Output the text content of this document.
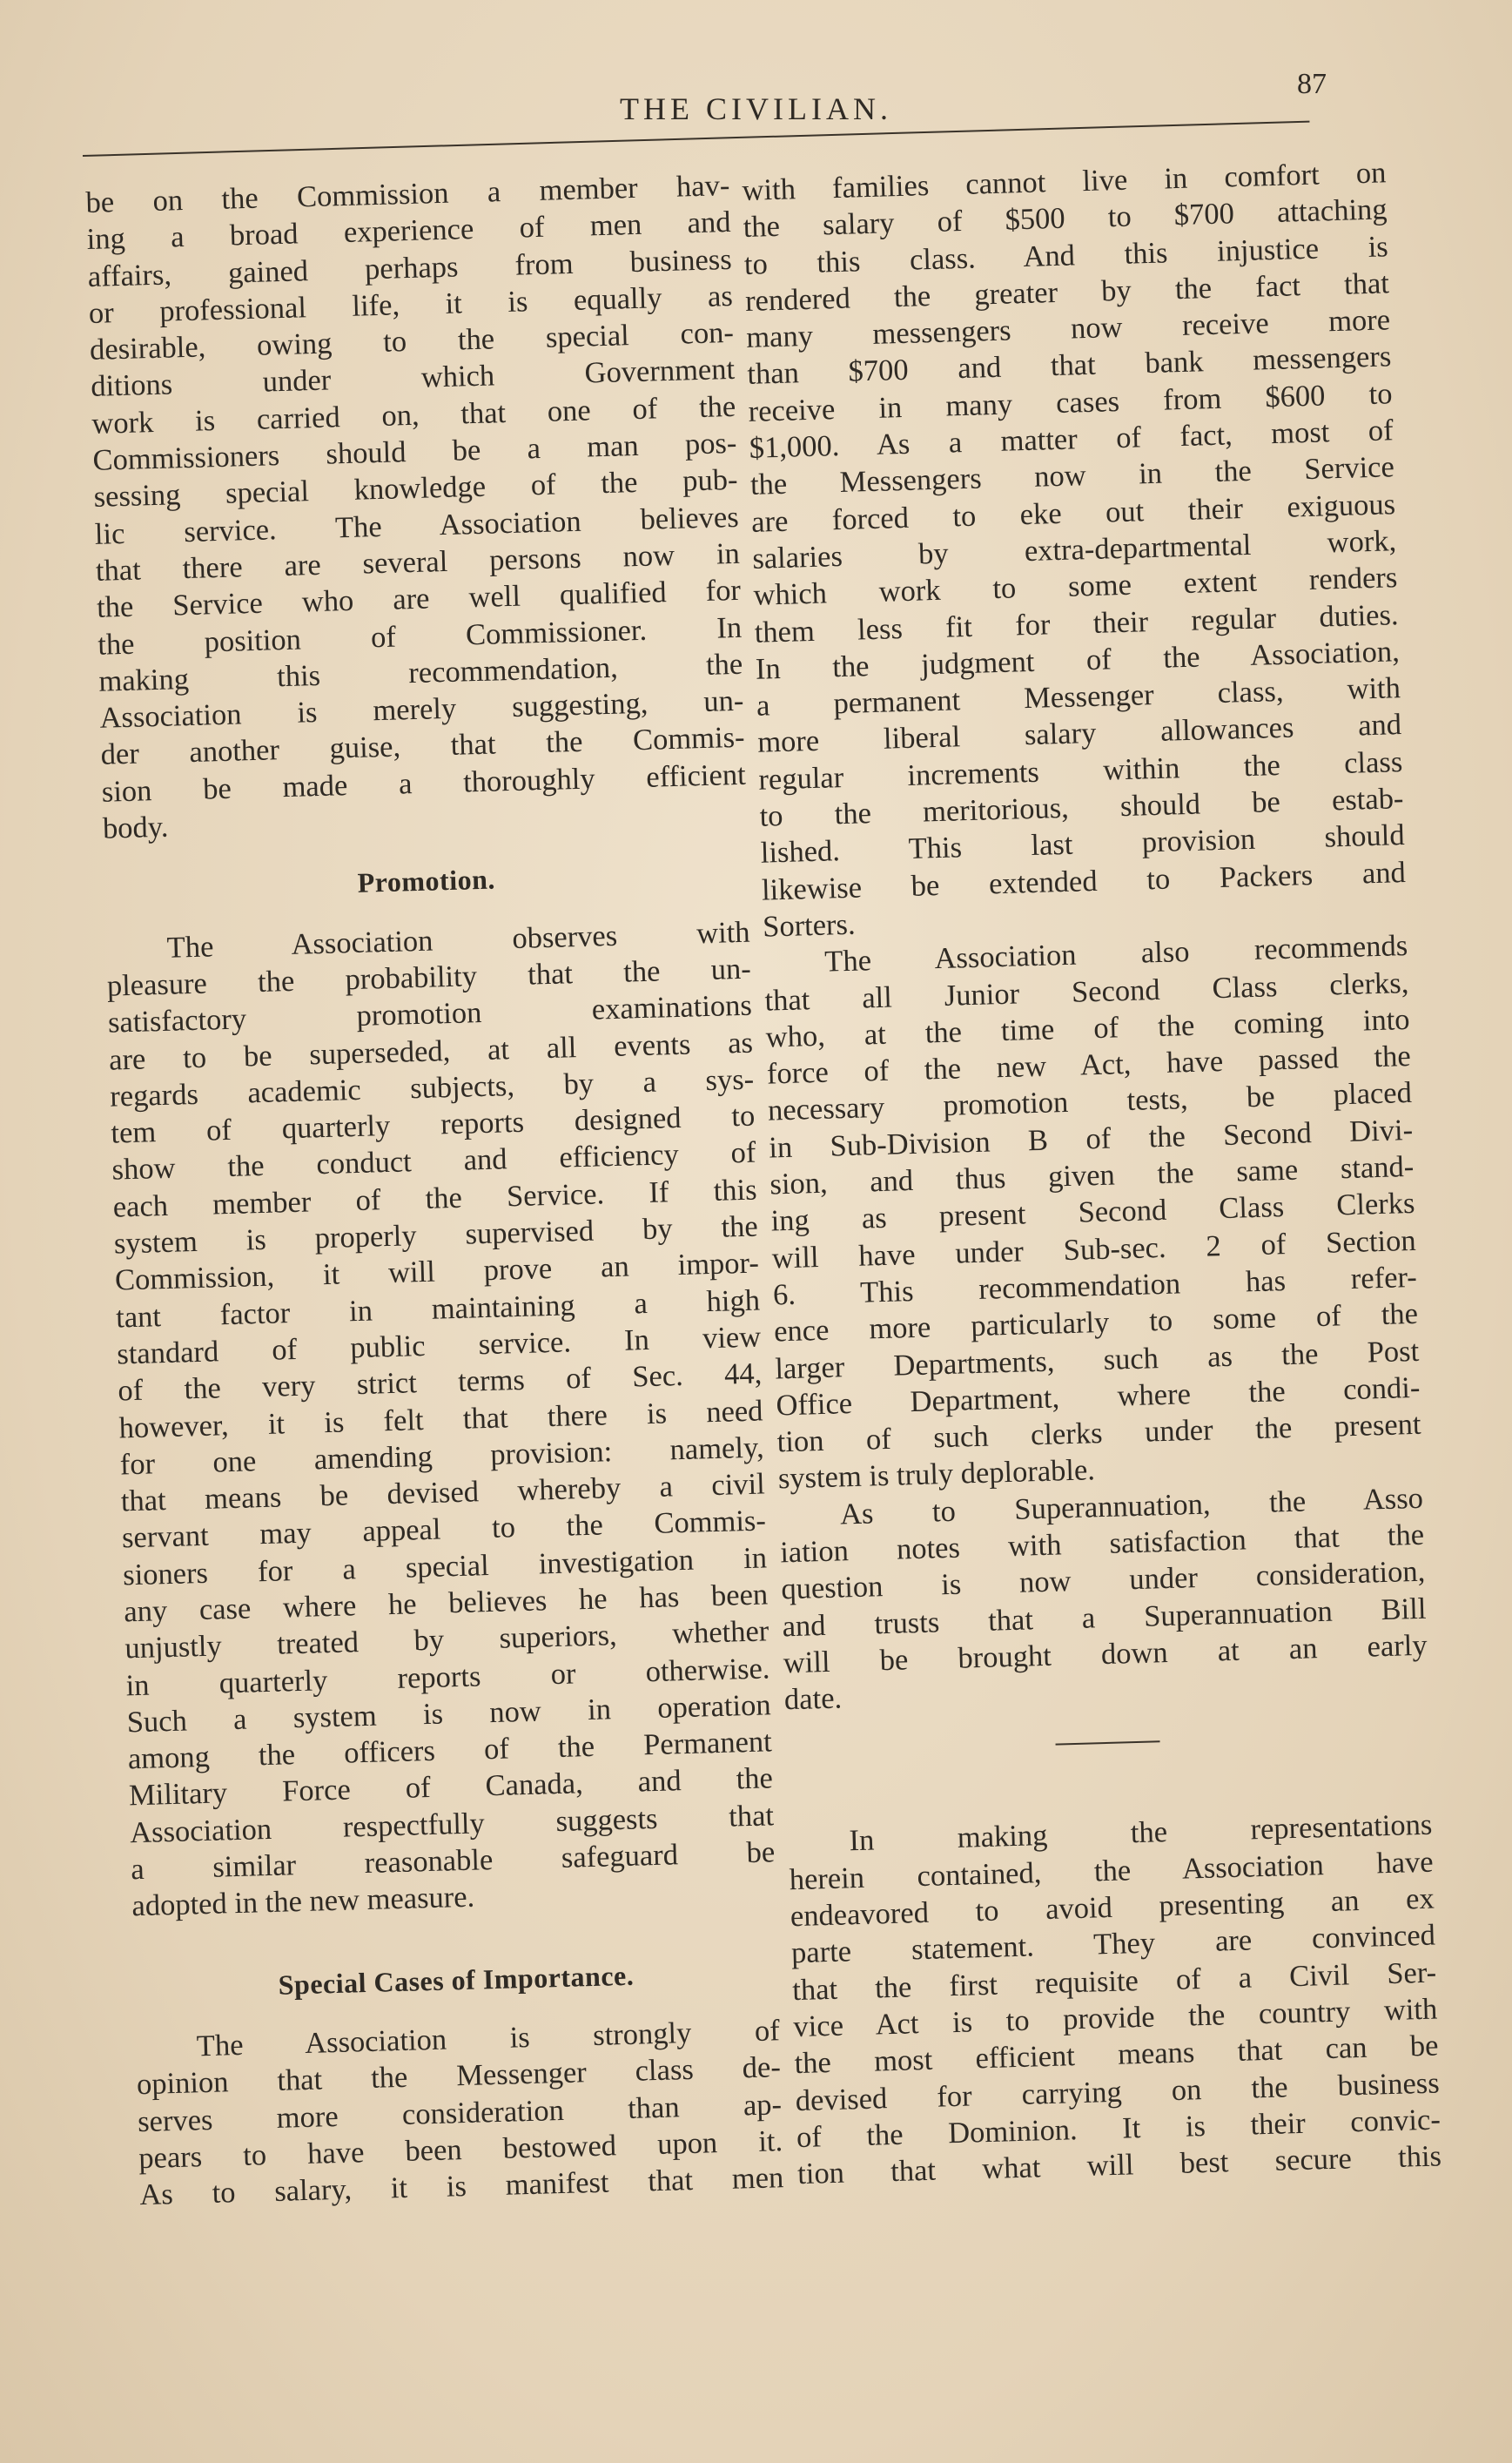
87
THE CIVILIAN.
be on the Commission a member hav-
ing a broad experience of men and
affairs, gained perhaps from business
or professional life, it is equally as
desirable, owing to the special con-
ditions under which Government
work is carried on, that one of the
Commissioners should be a man pos-
sessing special knowledge of the pub-
lic service. The Association believes
that there are several persons now in
the Service who are well qualified for
the position of Commissioner. In
making this recommendation, the
Association is merely suggesting, un-
der another guise, that the Commis-
sion be made a thoroughly efficient
body.
Promotion.
The Association observes with
pleasure the probability that the un-
satisfactory promotion examinations
are to be superseded, at all events as
regards academic subjects, by a sys-
tem of quarterly reports designed to
show the conduct and efficiency of
each member of the Service. If this
system is properly supervised by the
Commission, it will prove an impor-
tant factor in maintaining a high
standard of public service. In view
of the very strict terms of Sec. 44,
however, it is felt that there is need
for one amending provision: namely,
that means be devised whereby a civil
servant may appeal to the Commis-
sioners for a special investigation in
any case where he believes he has been
unjustly treated by superiors, whether
in quarterly reports or otherwise.
Such a system is now in operation
among the officers of the Permanent
Military Force of Canada, and the
Association respectfully suggests that
a similar reasonable safeguard be
adopted in the new measure.
Special Cases of Importance.
The Association is strongly of
opinion that the Messenger class de-
serves more consideration than ap-
pears to have been bestowed upon it.
As to salary, it is manifest that men
with families cannot live in comfort on
the salary of $500 to $700 attaching
to this class. And this injustice is
rendered the greater by the fact that
many messengers now receive more
than $700 and that bank messengers
receive in many cases from $600 to
$1,000. As a matter of fact, most of
the Messengers now in the Service
are forced to eke out their exiguous
salaries by extra-departmental work,
which work to some extent renders
them less fit for their regular duties.
In the judgment of the Association,
a permanent Messenger class, with
more liberal salary allowances and
regular increments within the class
to the meritorious, should be estab-
lished. This last provision should
likewise be extended to Packers and
Sorters.
The Association also recommends
that all Junior Second Class clerks,
who, at the time of the coming into
force of the new Act, have passed the
necessary promotion tests, be placed
in Sub-Division B of the Second Divi-
sion, and thus given the same stand-
ing as present Second Class Clerks
will have under Sub-sec. 2 of Section
6. This recommendation has refer-
ence more particularly to some of the
larger Departments, such as the Post
Office Department, where the condi-
tion of such clerks under the present
system is truly deplorable.
As to Superannuation, the Asso
iation notes with satisfaction that the
question is now under consideration,
and trusts that a Superannuation Bill
will be brought down at an early
date.
In making the representations
herein contained, the Association have
endeavored to avoid presenting an ex
parte statement. They are convinced
that the first requisite of a Civil Ser-
vice Act is to provide the country with
the most efficient means that can be
devised for carrying on the business
of the Dominion. It is their convic-
tion that what will best secure this
